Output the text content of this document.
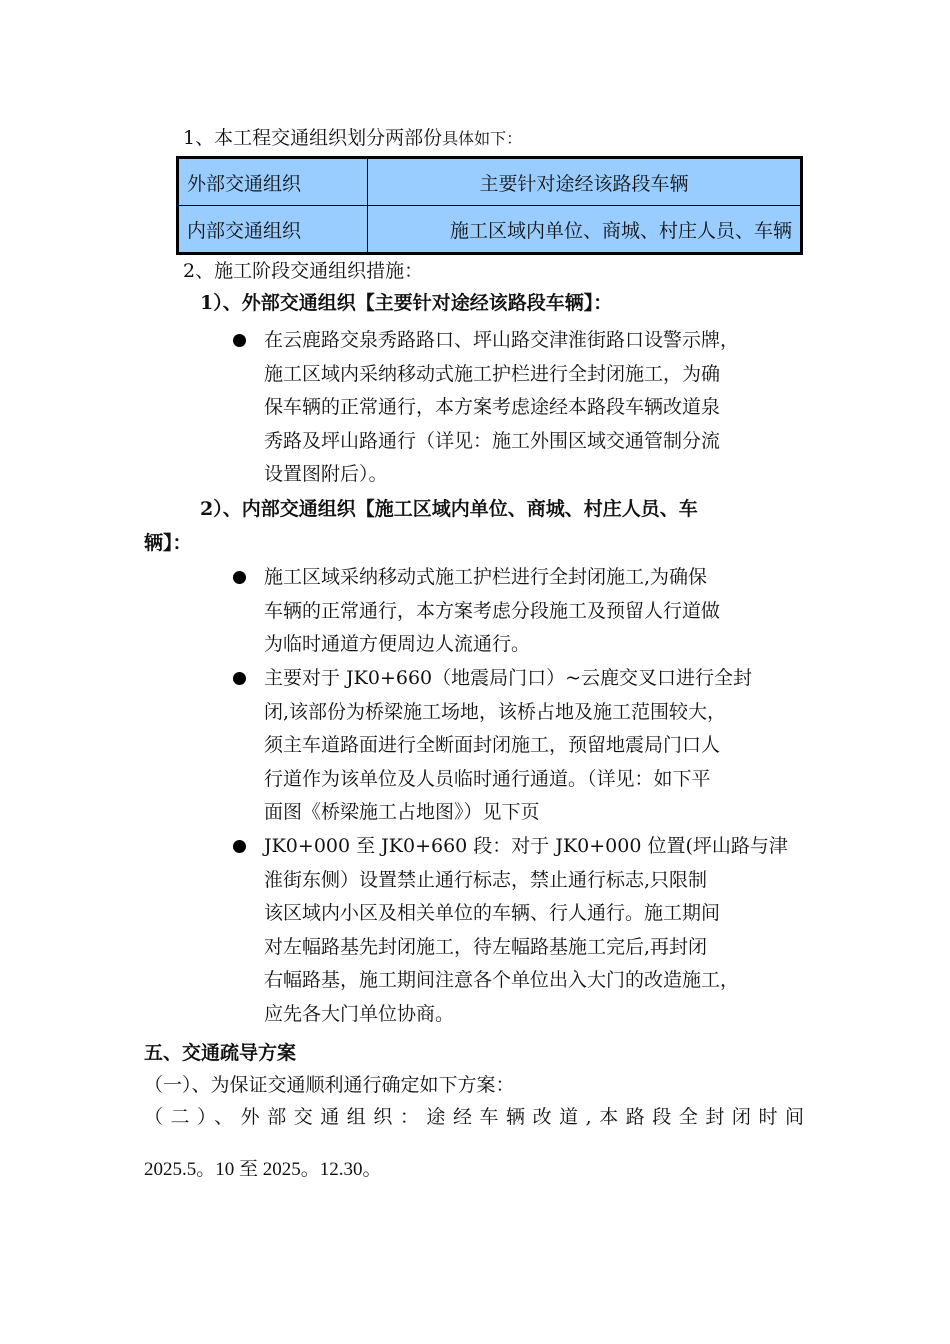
1、本工程交通组织划分两部份具体如下：
外部交通组织	主要针对途经该路段车辆
内部交通组织	施工区域内单位、商城、村庄人员、车辆
2、施工阶段交通组织措施：
1）、外部交通组织【主要针对途经该路段车辆】：
在云鹿路交泉秀路路口、坪山路交津淮街路口设警示牌，
施工区域内采纳移动式施工护栏进行全封闭施工，为确
保车辆的正常通行，本方案考虑途经本路段车辆改道泉
秀路及坪山路通行（详见：施工外围区域交通管制分流
设置图附后）。
2）、内部交通组织【施工区域内单位、商城、村庄人员、车
辆】：
施工区域采纳移动式施工护栏进行全封闭施工,为确保
车辆的正常通行，本方案考虑分段施工及预留人行道做
为临时通道方便周边人流通行。
主要对于 JK0+660（地震局门口）~云鹿交叉口进行全封
闭,该部份为桥梁施工场地，该桥占地及施工范围较大，
须主车道路面进行全断面封闭施工，预留地震局门口人
行道作为该单位及人员临时通行通道。（详见：如下平
面图《桥梁施工占地图》）见下页
JK0+000 至 JK0+660 段：对于 JK0+000 位置(坪山路与津
淮街东侧）设置禁止通行标志，禁止通行标志,只限制
该区域内小区及相关单位的车辆、行人通行。施工期间
对左幅路基先封闭施工，待左幅路基施工完后,再封闭
右幅路基，施工期间注意各个单位出入大门的改造施工，
应先各大门单位协商。
五、交通疏导方案
（一）、为保证交通顺利通行确定如下方案：
（二）、外部交通组织：途经车辆改道,本路段全封闭时间
2025.5。10 至 2025。12.30。
